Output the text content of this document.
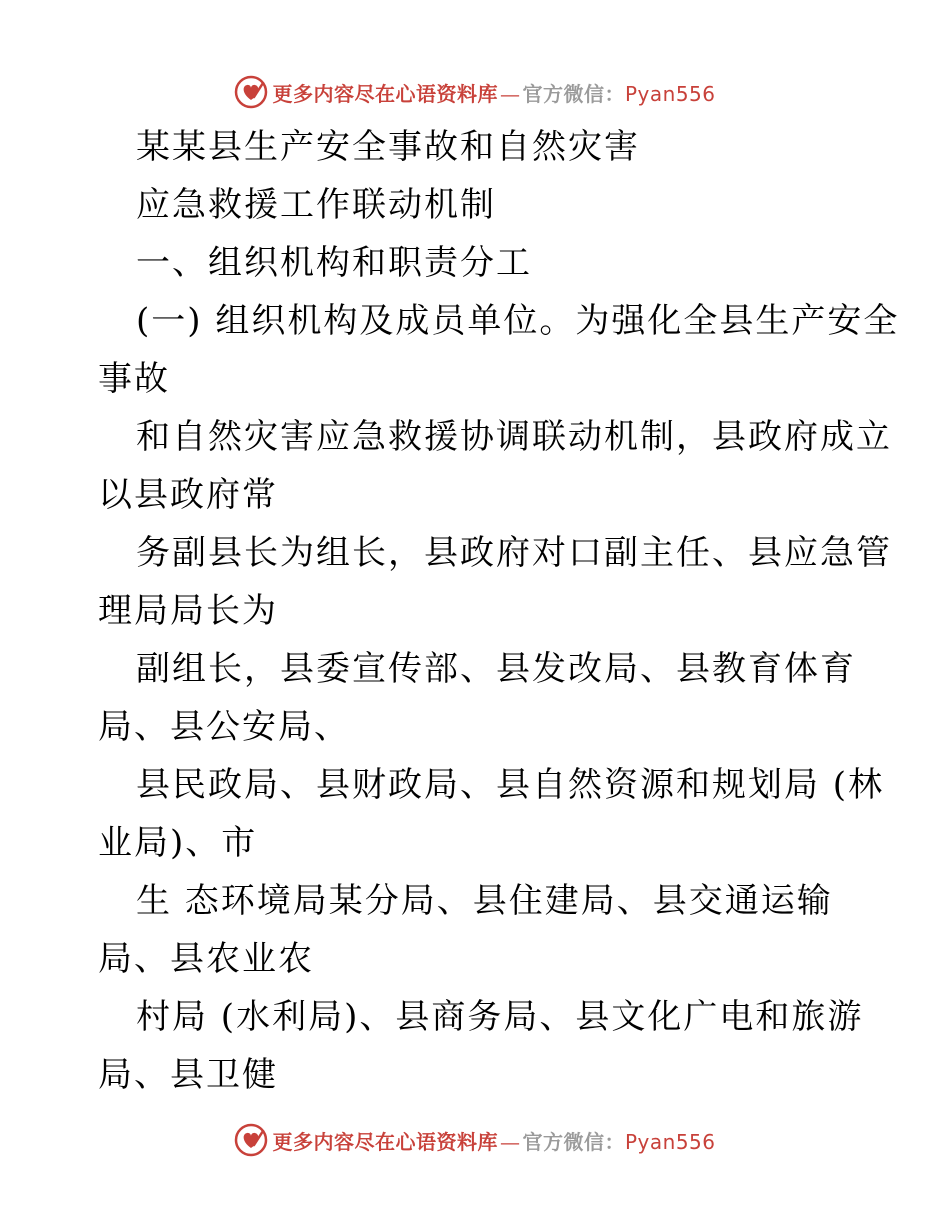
更多内容尽在心语资料库 — 官方微信：Pyan556
某某县生产安全事故和自然灾害
应急救援工作联动机制
一、组织机构和职责分工
(一) 组织机构及成员单位。为强化全县生产安全
事故
和自然灾害应急救援协调联动机制，县政府成立
以县政府常
务副县长为组长，县政府对口副主任、县应急管
理局局长为
副组长，县委宣传部、县发改局、县教育体育
局、县公安局、
县民政局、县财政局、县自然资源和规划局 (林
业局)、市
生 态环境局某分局、县住建局、县交通运输
局、县农业农
村局 (水利局)、县商务局、县文化广电和旅游
局、县卫健
更多内容尽在心语资料库 — 官方微信：Pyan556
